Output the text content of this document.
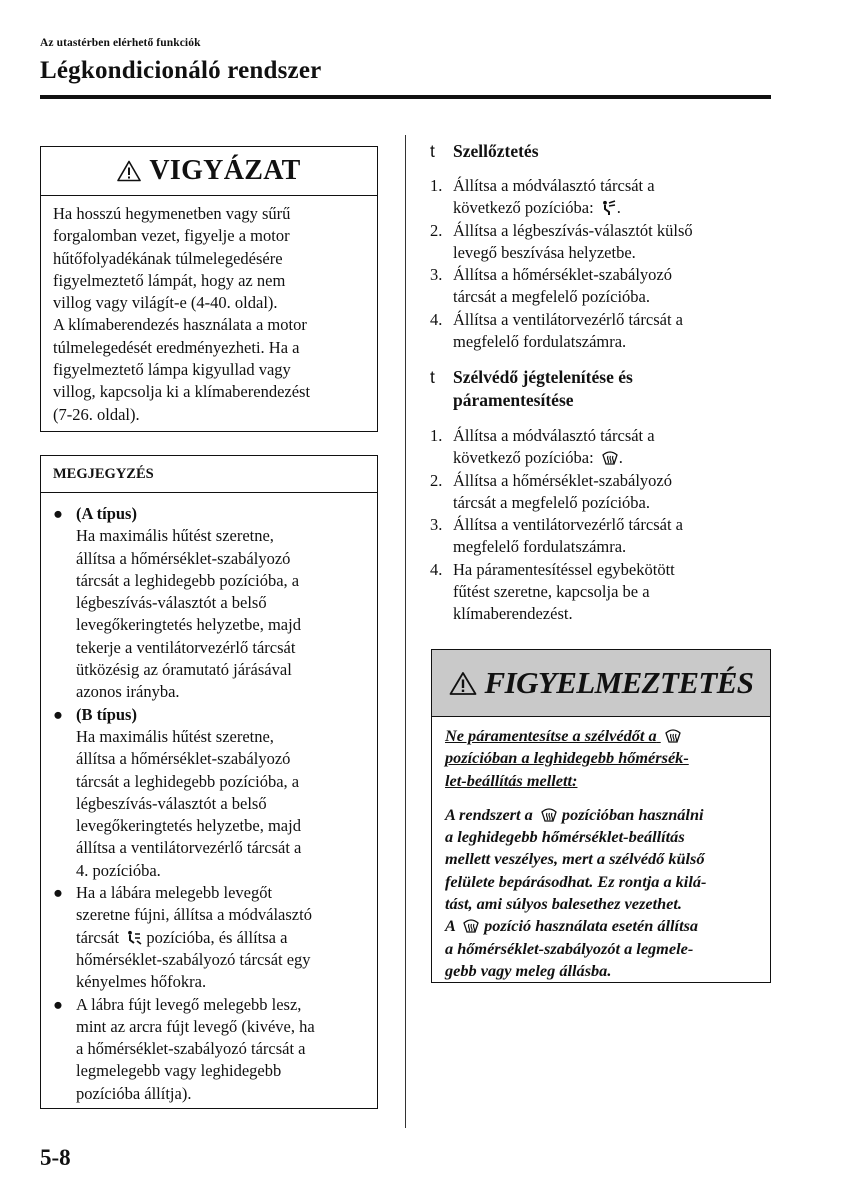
Az utastérben elérhető funkciók
Légkondicionáló rendszer
VIGYÁZAT

Ha hosszú hegymenetben vagy sűrű

forgalomban vezet, figyelje a motor

hűtőfolyadékának túlmelegedésére

figyelmeztető lámpát, hogy az nem

villog vagy világít-e (4-40. oldal).

A klímaberendezés használata a motor

túlmelegedését eredményezheti. Ha a

figyelmeztető lámpa kigyullad vagy

villog, kapcsolja ki a klímaberendezést

(7-26. oldal).

MEGJEGYZÉS
● (A típus)
Ha maximális hűtést szeretne,
állítsa a hőmérséklet-szabályozó
tárcsát a leghidegebb pozícióba, a
légbeszívás-választót a belső
levegőkeringtetés helyzetbe, majd
tekerje a ventilátorvezérlő tárcsát
ütközésig az óramutató járásával
azonos irányba.
● (B típus)
Ha maximális hűtést szeretne,
állítsa a hőmérséklet-szabályozó
tárcsát a leghidegebb pozícióba, a
légbeszívás-választót a belső
levegőkeringtetés helyzetbe, majd
állítsa a ventilátorvezérlő tárcsát a
4. pozícióba.
● Ha a lábára melegebb levegőt
szeretne fújni, állítsa a módválasztó
tárcsát pozícióba, és állítsa a
hőmérséklet-szabályozó tárcsát egy
kényelmes hőfokra.
● A lábra fújt levegő melegebb lesz,
mint az arcra fújt levegő (kivéve, ha
a hőmérséklet-szabályozó tárcsát a
legmelegebb vagy leghidegebb
pozícióba állítja).
t Szellőztetés
1. Állítsa a módválasztó tárcsát a
következő pozícióba: .
2. Állítsa a légbeszívás-választót külső
levegő beszívása helyzetbe.
3. Állítsa a hőmérséklet-szabályozó
tárcsát a megfelelő pozícióba.
4. Állítsa a ventilátorvezérlő tárcsát a
megfelelő fordulatszámra.
t Szélvédő jégtelenítése és
páramentesítése
1. Állítsa a módválasztó tárcsát a
következő pozícióba: .
2. Állítsa a hőmérséklet-szabályozó
tárcsát a megfelelő pozícióba.
3. Állítsa a ventilátorvezérlő tárcsát a
megfelelő fordulatszámra.
4. Ha páramentesítéssel egybekötött
fűtést szeretne, kapcsolja be a
klímaberendezést.
FIGYELMEZTETÉS

Ne páramentesítse a szélvédőt a

pozícióban a leghidegebb hőmérsék-

let-beállítás mellett:

A rendszert a pozícióban használni

a leghidegebb hőmérséklet-beállítás

mellett veszélyes, mert a szélvédő külső

felülete bepárásodhat. Ez rontja a kilá-

tást, ami súlyos balesethez vezethet.

A pozíció használata esetén állítsa

a hőmérséklet-szabályozót a legmele-

gebb vagy meleg állásba.

5-8
